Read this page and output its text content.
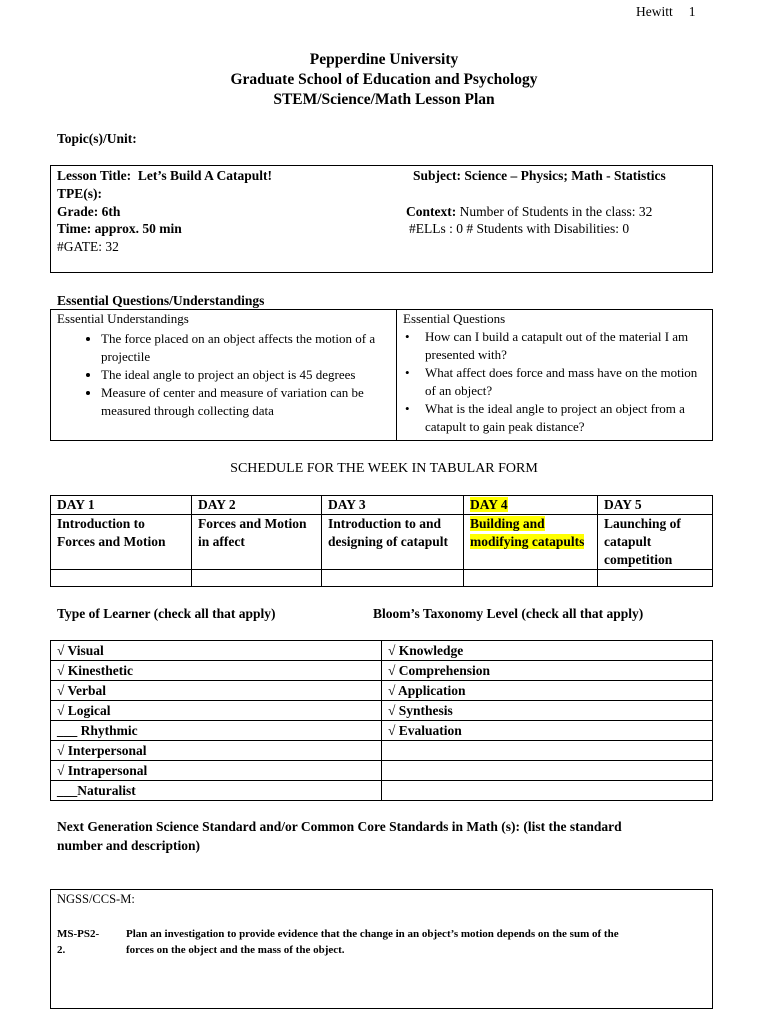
Hewitt 1
Pepperdine University
Graduate School of Education and Psychology
STEM/Science/Math Lesson Plan
Topic(s)/Unit:
Lesson Title: Let’s Build A Catapult!	Subject: Science – Physics; Math - Statistics
TPE(s):
Grade: 6th	Context: Number of Students in the class: 32
Time: approx. 50 min	#ELLs : 0 # Students with Disabilities: 0
#GATE: 32
Essential Questions/Understandings
Essential Understandings
• The force placed on an object affects the motion of a projectile
• The ideal angle to project an object is 45 degrees
• Measure of center and measure of variation can be measured through collecting data

Essential Questions
•	How can I build a catapult out of the material I am presented with?
•	What affect does force and mass have on the motion of an object?
•	What is the ideal angle to project an object from a catapult to gain peak distance?
SCHEDULE FOR THE WEEK IN TABULAR FORM
DAY 1	DAY 2	DAY 3	DAY 4	DAY 5
Introduction to Forces and Motion	Forces and Motion in affect	Introduction to and designing of catapult	Building and modifying catapults	Launching of catapult competition

Type of Learner (check all that apply)	Bloom’s Taxonomy Level (check all that apply)
√ Visual	√ Knowledge
√ Kinesthetic	√ Comprehension
√ Verbal	√ Application
√ Logical	√ Synthesis
___ Rhythmic	√ Evaluation
√ Interpersonal	
√ Intrapersonal	
___Naturalist	
Next Generation Science Standard and/or Common Core Standards in Math (s): (list the standard
number and description)
NGSS/CCS-M:
MS-PS2-
2.
Plan an investigation to provide evidence that the change in an object’s motion depends on the sum of the
forces on the object and the mass of the object.
